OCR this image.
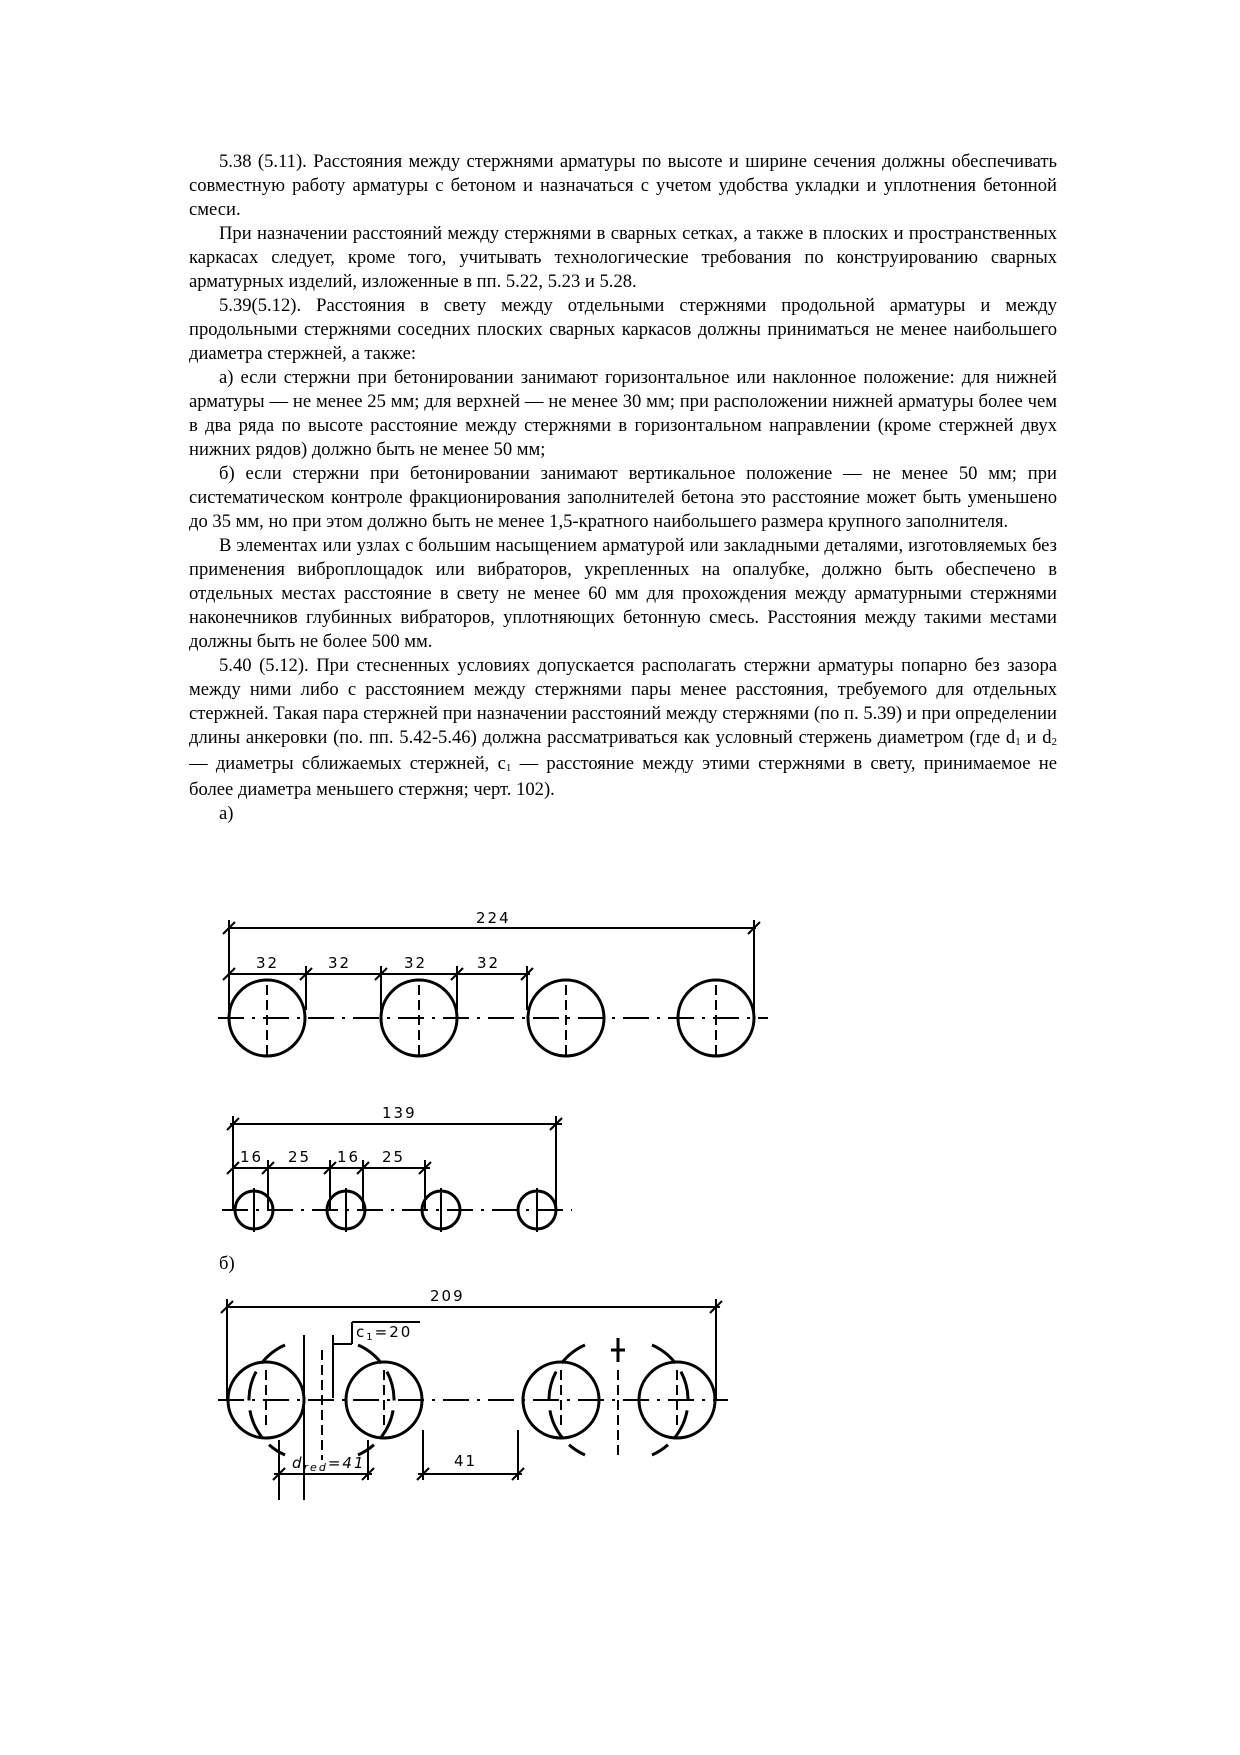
5.38 (5.11). Расстояния между стержнями арматуры по высоте и ширине сечения должны обеспечивать совместную работу арматуры с бетоном и назначаться с учетом удобства укладки и уплотнения бетонной смеси.

При назначении расстояний между стержнями в сварных сетках, а также в плоских и пространственных каркасах следует, кроме того, учитывать технологические требования по конструированию сварных арматурных изделий, изложенные в пп. 5.22, 5.23 и 5.28.

5.39(5.12). Расстояния в свету между отдельными стержнями продольной арматуры и между продольными стержнями соседних плоских сварных каркасов должны приниматься не менее наибольшего диаметра стержней, а также:

а) если стержни при бетонировании занимают горизонтальное или наклонное положение: для нижней арматуры — не менее 25 мм; для верхней — не менее 30 мм; при расположении нижней арматуры более чем в два ряда по высоте расстояние между стержнями в горизонтальном направлении (кроме стержней двух нижних рядов) должно быть не менее 50 мм;

б) если стержни при бетонировании занимают вертикальное положение — не менее 50 мм; при систематическом контроле фракционирования заполнителей бетона это расстояние может быть уменьшено до 35 мм, но при этом должно быть не менее 1,5-кратного наибольшего размера крупного заполнителя.

В элементах или узлах с большим насыщением арматурой или закладными деталями, изготовляемых без применения виброплощадок или вибраторов, укрепленных на опалубке, должно быть обеспечено в отдельных местах расстояние в свету не менее 60 мм для прохождения между арматурными стержнями наконечников глубинных вибраторов, уплотняющих бетонную смесь. Расстояния между такими местами должны быть не более 500 мм.

5.40 (5.12). При стесненных условиях допускается располагать стержни арматуры попарно без зазора между ними либо с расстоянием между стержнями пары менее расстояния, требуемого для отдельных стержней. Такая пара стержней при назначении расстояний между стержнями (по п. 5.39) и при определении длины анкеровки (по. пп. 5.42-5.46) должна рассматриваться как условный стержень диаметром (где $d_1$ и $d_2$ — диаметры сближаемых стержней, $c_1$ — расстояние между этими стержнями в свету, принимаемое не более диаметра меньшего стержня; черт. 102).

а)

224
32	32	32	32
139
16 25 16 25
б)
209
$c_1=20$
$d_{red}=41$	41
